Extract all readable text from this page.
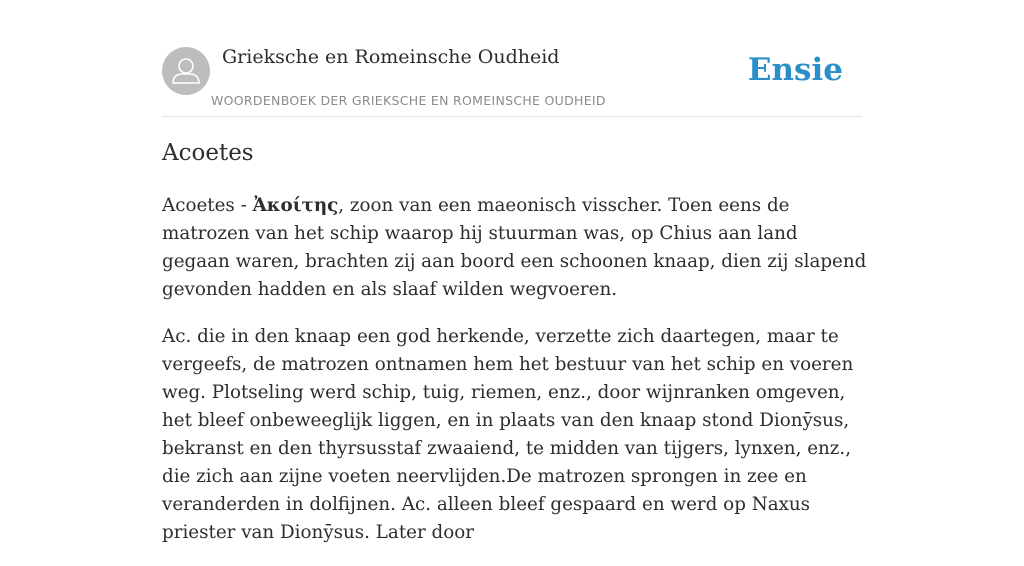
Grieksche en Romeinsche Oudheid
WOORDENBOEK DER GRIEKSCHE EN ROMEINSCHE OUDHEID
Ensie
Acoetes

Acoetes - Ἀκοίτης, zoon van een maeonisch visscher. Toen eens de matrozen van het schip waarop hij stuurman was, op Chius aan land gegaan waren, brachten zij aan boord een schoonen knaap, dien zij slapend gevonden hadden en als slaaf wilden wegvoeren.

Ac. die in den knaap een god herkende, verzette zich daartegen, maar te vergeefs, de matrozen ontnamen hem het bestuur van het schip en voeren weg. Plotseling werd schip, tuig, riemen, enz., door wijnranken omgeven, het bleef onbeweeglijk liggen, en in plaats van den knaap stond Dionȳsus, bekranst en den thyrsusstaf zwaaiend, te midden van tijgers, lynxen, enz., die zich aan zijne voeten neervlijden.De matrozen sprongen in zee en veranderden in dolfijnen. Ac. alleen bleef gespaard en werd op Naxus priester van Dionȳsus. Later door
